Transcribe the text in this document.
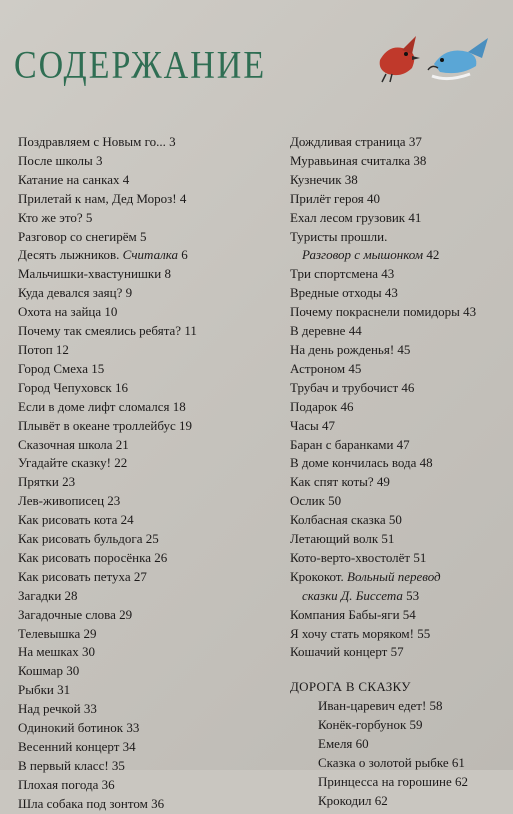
СОДЕРЖАНИЕ
Поздравляем с Новым го... 3
После школы 3
Катание на санках 4
Прилетай к нам, Дед Мороз! 4
Кто же это? 5
Разговор со снегирём 5
Десять лыжников. Считалка 6
Мальчишки-хвастунишки 8
Куда девался заяц? 9
Охота на зайца 10
Почему так смеялись ребята? 11
Потоп 12
Город Смеха 15
Город Чепуховск 16
Если в доме лифт сломался 18
Плывёт в океане троллейбус 19
Сказочная школа 21
Угадайте сказку! 22
Прятки 23
Лев-живописец 23
Как рисовать кота 24
Как рисовать бульдога 25
Как рисовать поросёнка 26
Как рисовать петуха 27
Загадки 28
Загадочные слова 29
Телевышка 29
На мешках 30
Кошмар 30
Рыбки 31
Над речкой 33
Одинокий ботинок 33
Весенний концерт 34
В первый класс! 35
Плохая погода 36
Шла собака под зонтом 36
Дождливая страница 37
Муравьиная считалка 38
Кузнечик 38
Прилёт героя 40
Ехал лесом грузовик 41
Туристы прошли.
Разговор с мышонком 42
Три спортсмена 43
Вредные отходы 43
Почему покраснели помидоры 43
В деревне 44
На день рожденья! 45
Астроном 45
Трубач и трубочист 46
Подарок 46
Часы 47
Баран с баранками 47
В доме кончилась вода 48
Как спят коты? 49
Ослик 50
Колбасная сказка 50
Летающий волк 51
Кото-верто-хвостолёт 51
Крококот. Вольный перевод
сказки Д. Биссета 53
Компания Бабы-яги 54
Я хочу стать моряком! 55
Кошачий концерт 57
ДОРОГА В СКАЗКУ
Иван-царевич едет! 58
Конёк-горбунок 59
Емеля 60
Сказка о золотой рыбке 61
Принцесса на горошине 62
Крокодил 62
